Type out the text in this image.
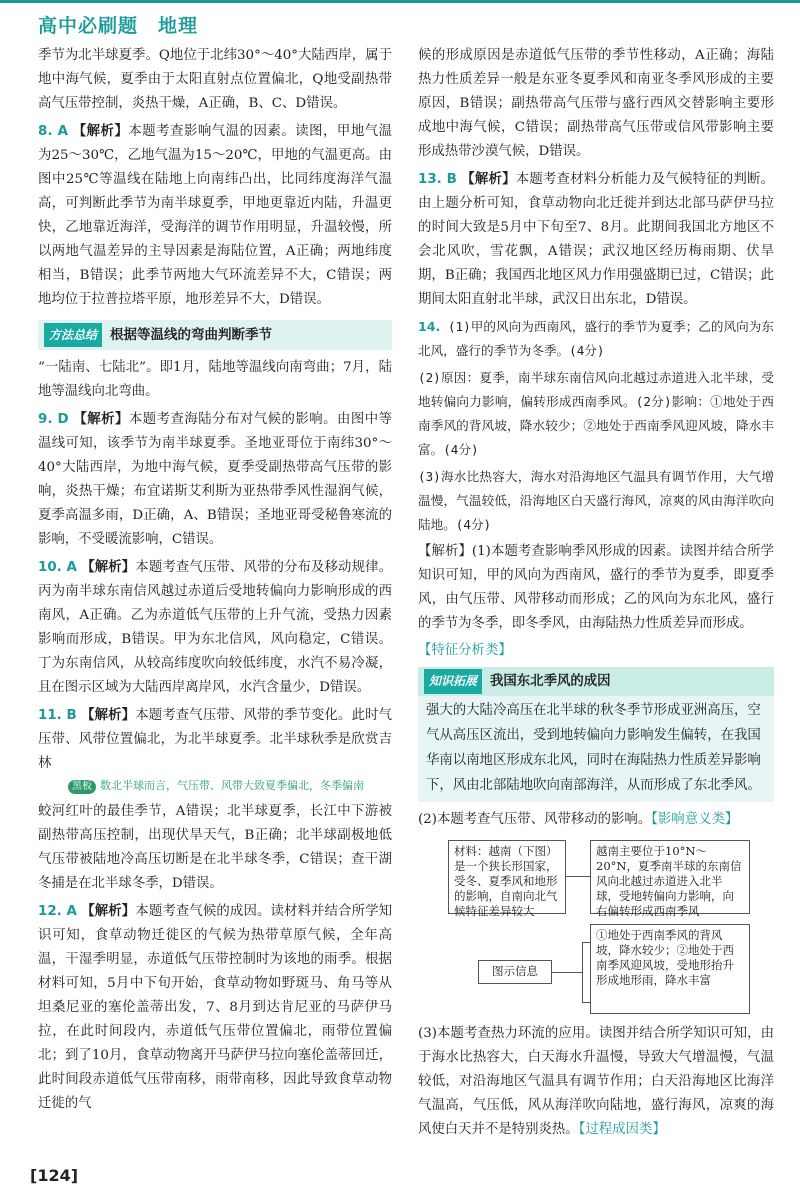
高中必刷题　地理

季节为北半球夏季。Q地位于北纬30°～40°大陆西岸，属于地中海气候，夏季由于太阳直射点位置偏北，Q地受副热带高气压带控制，炎热干燥，A正确，B、C、D错误。

8. A 【解析】本题考查影响气温的因素。读图，甲地气温为25～30℃，乙地气温为15～20℃，甲地的气温更高。由图中25℃等温线在陆地上向南纬凸出，比同纬度海洋气温高，可判断此季节为南半球夏季，甲地更靠近内陆，升温更快，乙地靠近海洋，受海洋的调节作用明显，升温较慢，所以两地气温差异的主导因素是海陆位置，A正确；两地纬度相当，B错误；此季节两地大气环流差异不大，C错误；两地均位于拉普拉塔平原，地形差异不大，D错误。

方法总结 根据等温线的弯曲判断季节

“一陆南、七陆北”。即1月，陆地等温线向南弯曲；7月，陆地等温线向北弯曲。

9. D 【解析】本题考查海陆分布对气候的影响。由图中等温线可知，该季节为南半球夏季。圣地亚哥位于南纬30°～40°大陆西岸，为地中海气候，夏季受副热带高气压带的影响，炎热干燥；布宜诺斯艾利斯为亚热带季风性湿润气候，夏季高温多雨，D正确，A、B错误；圣地亚哥受秘鲁寒流的影响，不受暖流影响，C错误。

10. A 【解析】本题考查气压带、风带的分布及移动规律。丙为南半球东南信风越过赤道后受地转偏向力影响形成的西南风，A正确。乙为赤道低气压带的上升气流，受热力因素影响而形成，B错误。甲为东北信风，风向稳定，C错误。丁为东南信风，从较高纬度吹向较低纬度，水汽不易冷凝，且在图示区域为大陆西岸离岸风，水汽含量少，D错误。

11. B 【解析】本题考查气压带、风带的季节变化。此时气压带、风带位置偏北，为北半球夏季。北半球秋季是欣赏吉林

黑板 数北半球而言，气压带、风带大致夏季偏北，冬季偏南

蛟河红叶的最佳季节，A错误；北半球夏季，长江中下游被副热带高压控制，出现伏旱天气，B正确；北半球副极地低气压带被陆地冷高压切断是在北半球冬季，C错误；查干湖冬捕是在北半球冬季，D错误。

12. A 【解析】本题考查气候的成因。读材料并结合所学知识可知，食草动物迁徙区的气候为热带草原气候，全年高温，干湿季明显，赤道低气压带控制时为该地的雨季。根据材料可知，5月中下旬开始，食草动物如野斑马、角马等从坦桑尼亚的塞伦盖蒂出发，7、8月到达肯尼亚的马萨伊马拉，在此时间段内，赤道低气压带位置偏北，雨带位置偏北；到了10月，食草动物离开马萨伊马拉向塞伦盖蒂回迁，此时间段赤道低气压带南移，雨带南移，因此导致食草动物迁徙的气

候的形成原因是赤道低气压带的季节性移动，A正确；海陆热力性质差异一般是东亚冬夏季风和南亚冬季风形成的主要原因，B错误；副热带高气压带与盛行西风交替影响主要形成地中海气候，C错误；副热带高气压带或信风带影响主要形成热带沙漠气候，D错误。

13. B 【解析】本题考查材料分析能力及气候特征的判断。由上题分析可知，食草动物向北迁徙并到达北部马萨伊马拉的时间大致是5月中下旬至7、8月。此期间我国北方地区不会北风吹，雪花飘，A错误；武汉地区经历梅雨期、伏旱期，B正确；我国西北地区风力作用强盛期已过，C错误；此期间太阳直射北半球，武汉日出东北，D错误。

14. (1)甲的风向为西南风，盛行的季节为夏季；乙的风向为东北风，盛行的季节为冬季。(4分)

(2)原因：夏季，南半球东南信风向北越过赤道进入北半球，受地转偏向力影响，偏转形成西南季风。(2分)影响：①地处于西南季风的背风坡，降水较少；②地处于西南季风迎风坡，降水丰富。(4分)

(3)海水比热容大，海水对沿海地区气温具有调节作用，大气增温慢，气温较低，沿海地区白天盛行海风，凉爽的风由海洋吹向陆地。(4分)

【解析】(1)本题考查影响季风形成的因素。读图并结合所学知识可知，甲的风向为西南风，盛行的季节为夏季，即夏季风，由气压带、风带移动而形成；乙的风向为东北风，盛行的季节为冬季，即冬季风，由海陆热力性质差异而形成。

【特征分析类】

知识拓展 我国东北季风的成因
强大的大陆冷高压在北半球的秋冬季节形成亚洲高压，空气从高压区流出，受到地转偏向力影响发生偏转，在我国华南以南地区形成东北风，同时在海陆热力性质差异影响下，风由北部陆地吹向南部海洋，从而形成了东北季风。

(2)本题考查气压带、风带移动的影响。【影响意义类】

材料：越南（下图）是一个狭长形国家，受冬、夏季风和地形的影响，自南向北气候特征差异较大
越南主要位于10°N～20°N，夏季南半球的东南信风向北越过赤道进入北半球，受地转偏向力影响，向右偏转形成西南季风
图示信息
①地处于西南季风的背风坡，降水较少；②地处于西南季风迎风坡，受地形抬升形成地形雨，降水丰富

(3)本题考查热力环流的应用。读图并结合所学知识可知，由于海水比热容大，白天海水升温慢，导致大气增温慢，气温较低，对沿海地区气温具有调节作用；白天沿海地区比海洋气温高，气压低，风从海洋吹向陆地，盛行海风，凉爽的海风使白天并不是特别炎热。【过程成因类】

[124]
